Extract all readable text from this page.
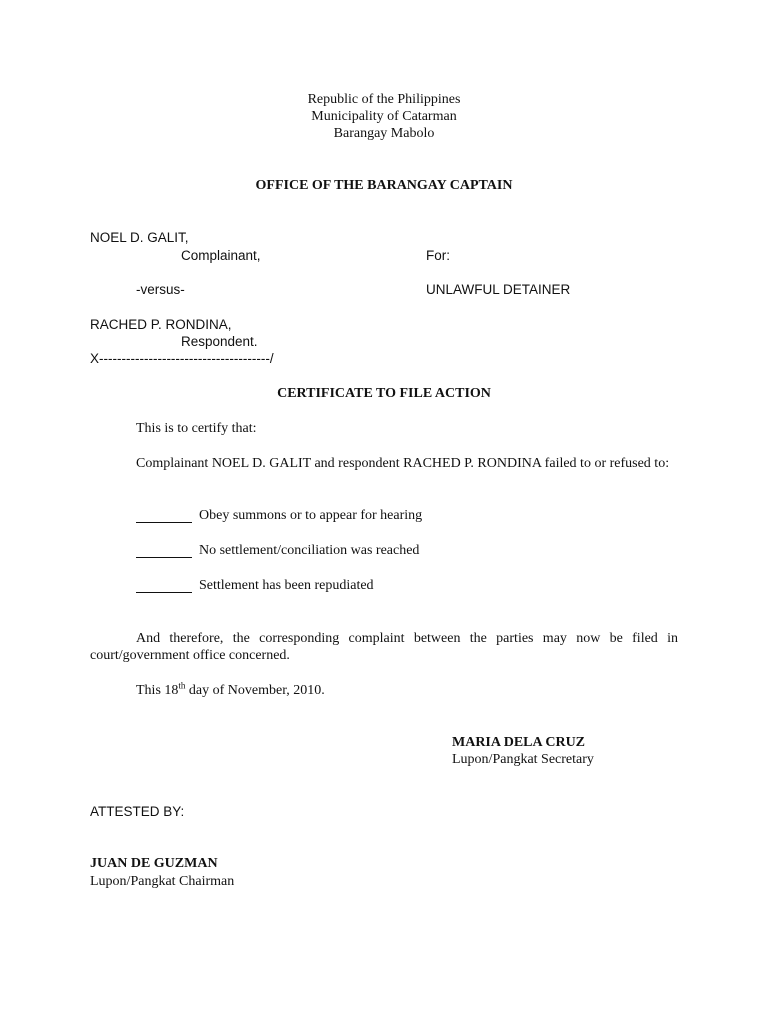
Republic of the Philippines
Municipality of Catarman
Barangay Mabolo
OFFICE OF THE BARANGAY CAPTAIN
NOEL D. GALIT,
Complainant,	For:
-versus-	UNLAWFUL DETAINER
RACHED P. RONDINA,
Respondent.
X--------------------------------------/
CERTIFICATE TO FILE ACTION
This is to certify that:
Complainant NOEL D. GALIT and respondent RACHED P. RONDINA failed to or refused to:
Obey summons or to appear for hearing
No settlement/conciliation was reached
Settlement has been repudiated
And therefore, the corresponding complaint between the parties may now be filed in court/government office concerned.
This 18th day of November, 2010.
MARIA DELA CRUZ
Lupon/Pangkat Secretary
ATTESTED BY:
JUAN DE GUZMAN
Lupon/Pangkat Chairman
